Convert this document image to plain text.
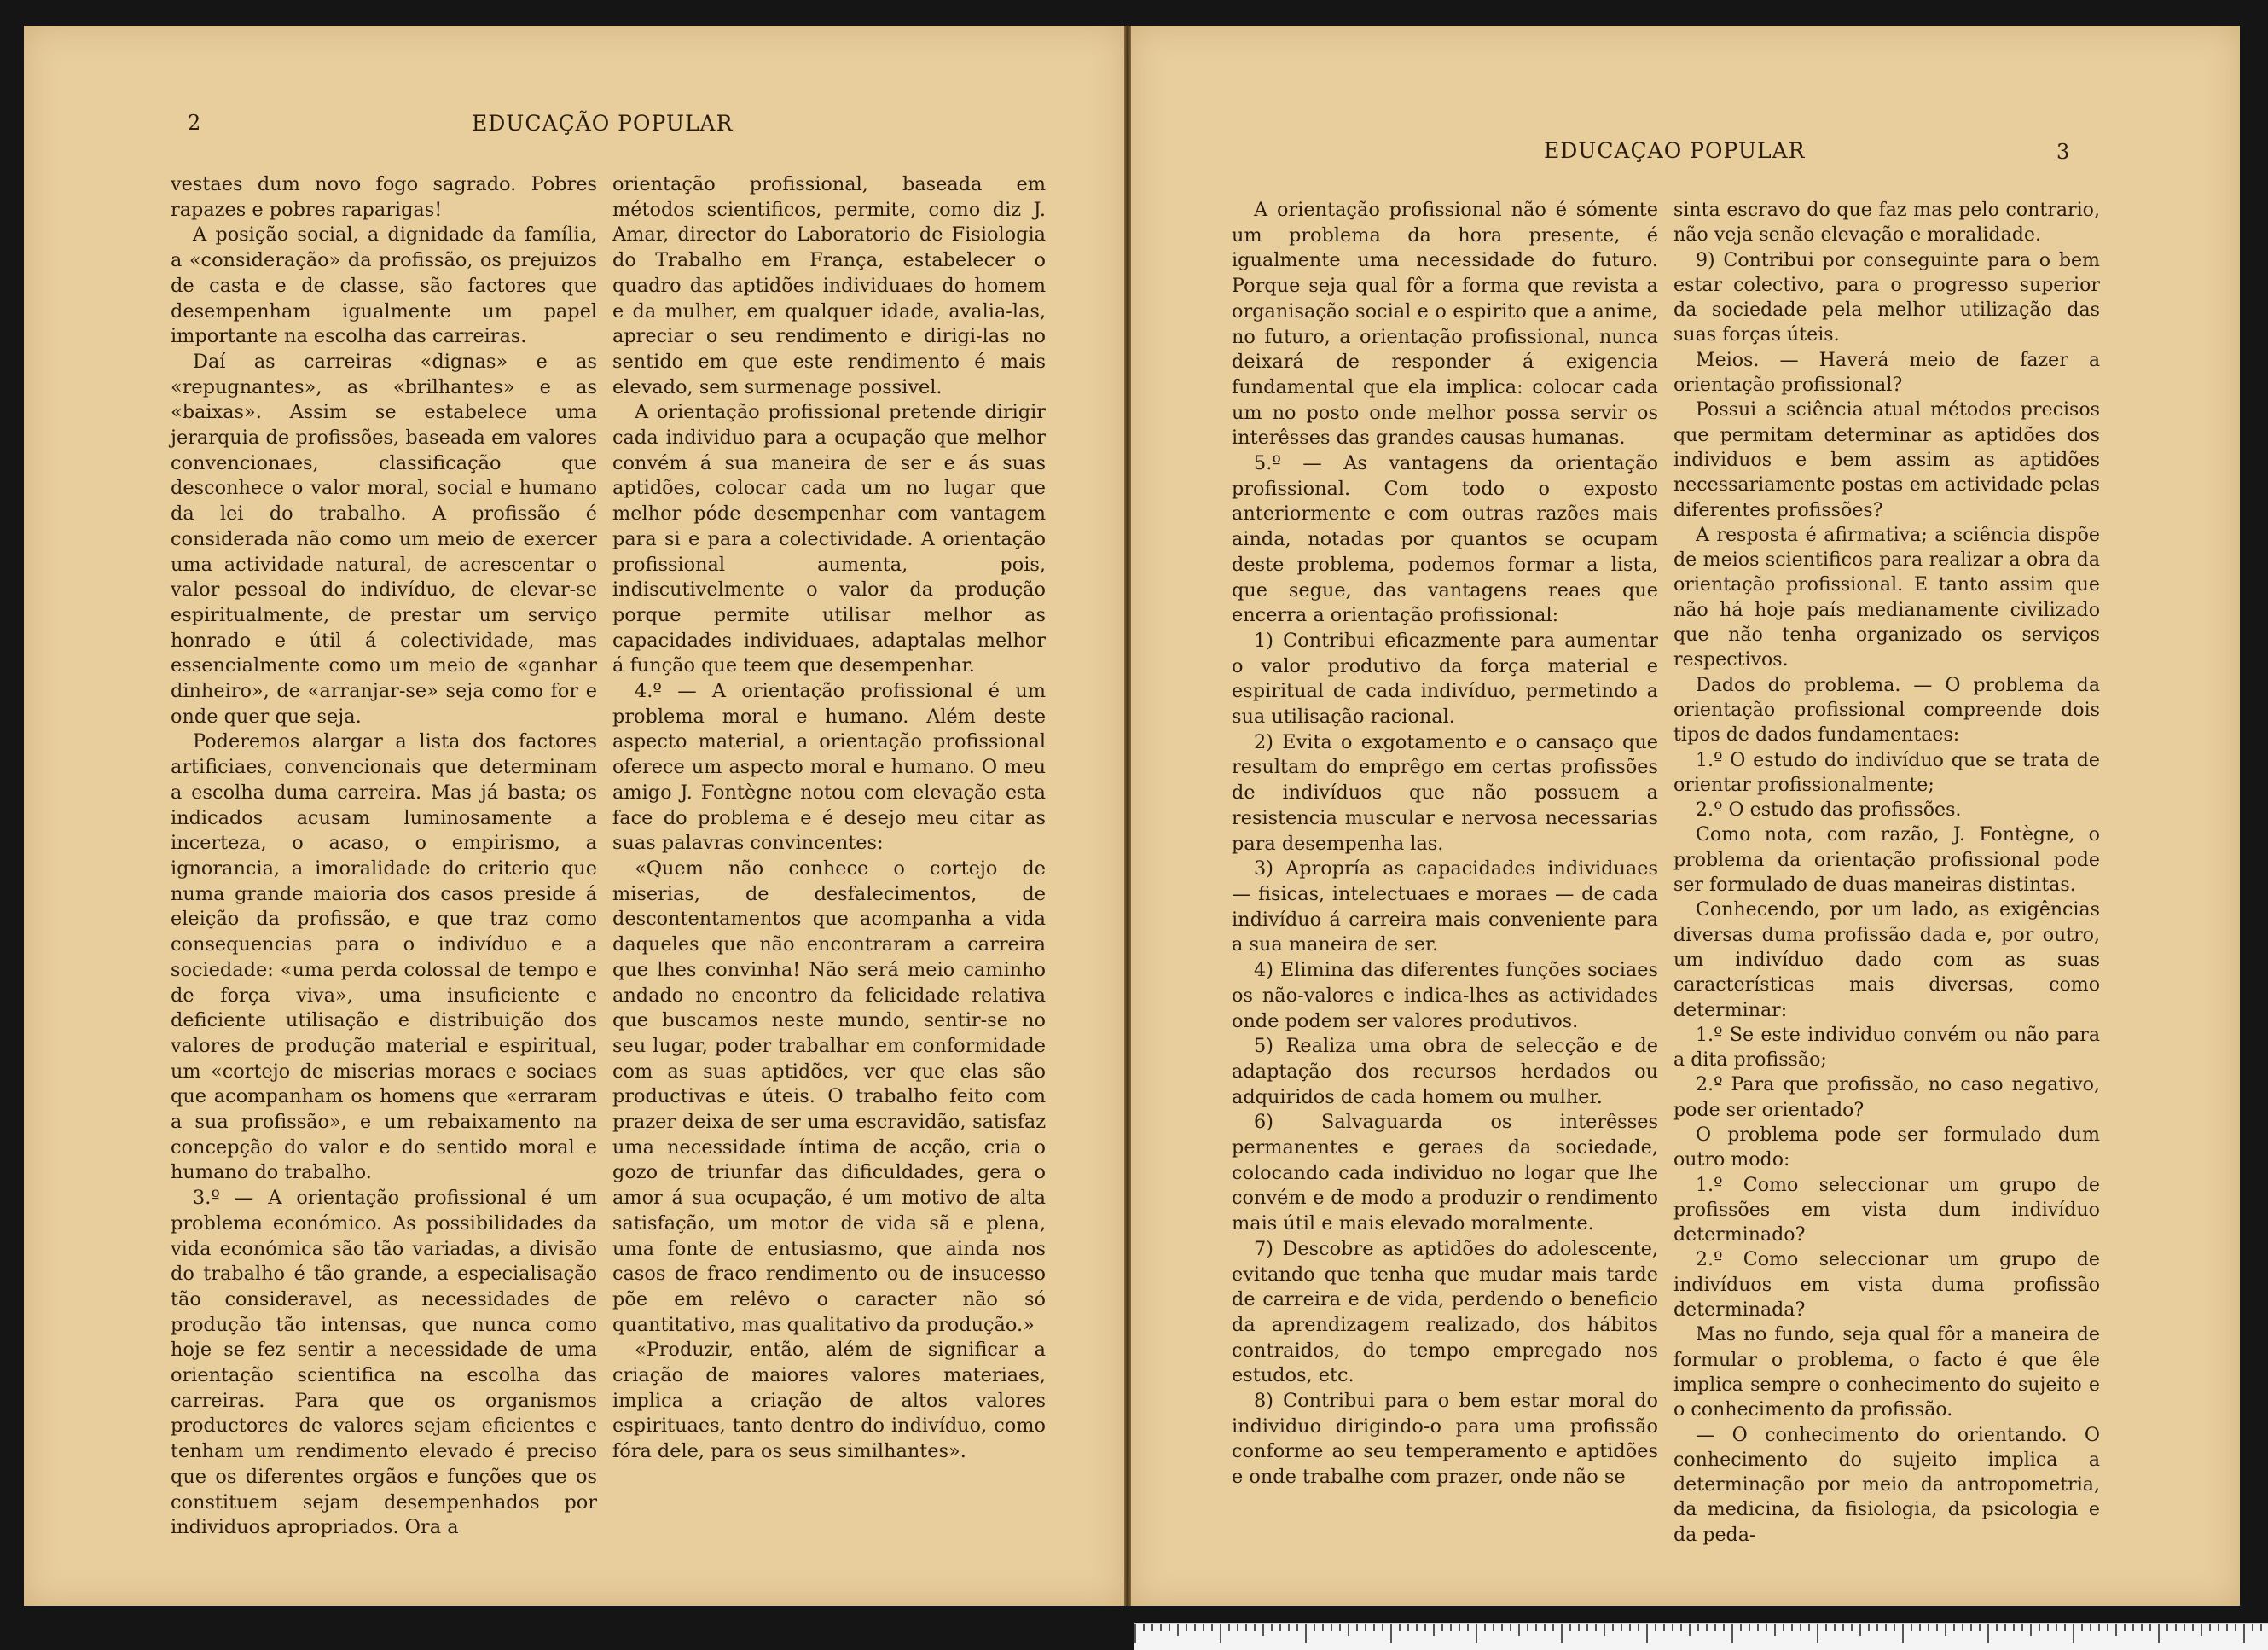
2	EDUCAÇÃO POPULAR

vestaes dum novo fogo sagrado. Pobres rapazes e pobres raparigas!

A posição social, a dignidade da família, a «consideração» da profissão, os prejuizos de casta e de classe, são factores que desempenham igualmente um papel importante na escolha das carreiras.

Daí as carreiras «dignas» e as «repugnantes», as «brilhantes» e as «baixas». Assim se estabelece uma jerarquia de profissões, baseada em valores convencionaes, classificação que desconhece o valor moral, social e humano da lei do trabalho. A profissão é considerada não como um meio de exercer uma actividade natural, de acrescentar o valor pessoal do indivíduo, de elevar-se espiritualmente, de prestar um serviço honrado e útil á colectividade, mas essencialmente como um meio de «ganhar dinheiro», de «arranjar-se» seja como for e onde quer que seja.

Poderemos alargar a lista dos factores artificiaes, convencionais que determinam a escolha duma carreira. Mas já basta; os indicados acusam luminosamente a incerteza, o acaso, o empirismo, a ignorancia, a imoralidade do criterio que numa grande maioria dos casos preside á eleição da profissão, e que traz como consequencias para o indivíduo e a sociedade: «uma perda colossal de tempo e de força viva», uma insuficiente e deficiente utilisação e distribuição dos valores de produção material e espiritual, um «cortejo de miserias moraes e sociaes que acompanham os homens que «erraram a sua profissão», e um rebaixamento na concepção do valor e do sentido moral e humano do trabalho.

3.º — A orientação profissional é um problema económico. As possibilidades da vida económica são tão variadas, a divisão do trabalho é tão grande, a especialisação tão consideravel, as necessidades de produção tão intensas, que nunca como hoje se fez sentir a necessidade de uma orientação scientifica na escolha das carreiras. Para que os organismos productores de valores sejam eficientes e tenham um rendimento elevado é preciso que os diferentes orgãos e funções que os constituem sejam desempenhados por individuos apropriados. Ora a

orientação profissional, baseada em métodos scientificos, permite, como diz J. Amar, director do Laboratorio de Fisiologia do Trabalho em França, estabelecer o quadro das aptidões individuaes do homem e da mulher, em qualquer idade, avalia-las, apreciar o seu rendimento e dirigi-las no sentido em que este rendimento é mais elevado, sem surmenage possivel.

A orientação profissional pretende dirigir cada individuo para a ocupação que melhor convém á sua maneira de ser e ás suas aptidões, colocar cada um no lugar que melhor póde desempenhar com vantagem para si e para a colectividade. A orientação profissional aumenta, pois, indiscutivelmente o valor da produção porque permite utilisar melhor as capacidades individuaes, adaptalas melhor á função que teem que desempenhar.

4.º — A orientação profissional é um problema moral e humano. Além deste aspecto material, a orientação profissional oferece um aspecto moral e humano. O meu amigo J. Fontègne notou com elevação esta face do problema e é desejo meu citar as suas palavras convincentes:

«Quem não conhece o cortejo de miserias, de desfalecimentos, de descontentamentos que acompanha a vida daqueles que não encontraram a carreira que lhes convinha! Não será meio caminho andado no encontro da felicidade relativa que buscamos neste mundo, sentir-se no seu lugar, poder trabalhar em conformidade com as suas aptidões, ver que elas são productivas e úteis. O trabalho feito com prazer deixa de ser uma escravidão, satisfaz uma necessidade íntima de acção, cria o gozo de triunfar das dificuldades, gera o amor á sua ocupação, é um motivo de alta satisfação, um motor de vida sã e plena, uma fonte de entusiasmo, que ainda nos casos de fraco rendimento ou de insucesso põe em relêvo o caracter não só quantitativo, mas qualitativo da produção.»

«Produzir, então, além de significar a criação de maiores valores materiaes, implica a criação de altos valores espirituaes, tanto dentro do indivíduo, como fóra dele, para os seus similhantes».

EDUCAÇAO POPULAR	3

A orientação profissional não é sómente um problema da hora presente, é igualmente uma necessidade do futuro. Porque seja qual fôr a forma que revista a organisação social e o espirito que a anime, no futuro, a orientação profissional, nunca deixará de responder á exigencia fundamental que ela implica: colocar cada um no posto onde melhor possa servir os interêsses das grandes causas humanas.

5.º — As vantagens da orientação profissional. Com todo o exposto anteriormente e com outras razões mais ainda, notadas por quantos se ocupam deste problema, podemos formar a lista, que segue, das vantagens reaes que encerra a orientação profissional:

1) Contribui eficazmente para aumentar o valor produtivo da força material e espiritual de cada indivíduo, permetindo a sua utilisação racional.

2) Evita o exgotamento e o cansaço que resultam do emprêgo em certas profissões de indivíduos que não possuem a resistencia muscular e nervosa necessarias para desempenha las.

3) Apropría as capacidades individuaes — fisicas, intelectuaes e moraes — de cada indivíduo á carreira mais conveniente para a sua maneira de ser.

4) Elimina das diferentes funções sociaes os não-valores e indica-lhes as actividades onde podem ser valores produtivos.

5) Realiza uma obra de selecção e de adaptação dos recursos herdados ou adquiridos de cada homem ou mulher.

6) Salvaguarda os interêsses permanentes e geraes da sociedade, colocando cada individuo no logar que lhe convém e de modo a produzir o rendimento mais útil e mais elevado moralmente.

7) Descobre as aptidões do adolescente, evitando que tenha que mudar mais tarde de carreira e de vida, perdendo o beneficio da aprendizagem realizado, dos hábitos contraidos, do tempo empregado nos estudos, etc.

8) Contribui para o bem estar moral do individuo dirigindo-o para uma profissão conforme ao seu temperamento e aptidões e onde trabalhe com prazer, onde não se

sinta escravo do que faz mas pelo contrario, não veja senão elevação e moralidade.

9) Contribui por conseguinte para o bem estar colectivo, para o progresso superior da sociedade pela melhor utilização das suas forças úteis.

Meios. — Haverá meio de fazer a orientação profissional?

Possui a sciência atual métodos precisos que permitam determinar as aptidões dos individuos e bem assim as aptidões necessariamente postas em actividade pelas diferentes profissões?

A resposta é afirmativa; a sciência dispõe de meios scientificos para realizar a obra da orientação profissional. E tanto assim que não há hoje país medianamente civilizado que não tenha organizado os serviços respectivos.

Dados do problema. — O problema da orientação profissional compreende dois tipos de dados fundamentaes:

1.º O estudo do indivíduo que se trata de orientar profissionalmente;

2.º O estudo das profissões.

Como nota, com razão, J. Fontègne, o problema da orientação profissional pode ser formulado de duas maneiras distintas.

Conhecendo, por um lado, as exigências diversas duma profissão dada e, por outro, um indivíduo dado com as suas características mais diversas, como determinar:

1.º Se este individuo convém ou não para a dita profissão;

2.º Para que profissão, no caso negativo, pode ser orientado?

O problema pode ser formulado dum outro modo:

1.º Como seleccionar um grupo de profissões em vista dum indivíduo determinado?

2.º Como seleccionar um grupo de indivíduos em vista duma profissão determinada?

Mas no fundo, seja qual fôr a maneira de formular o problema, o facto é que êle implica sempre o conhecimento do sujeito e o conhecimento da profissão.

— O conhecimento do orientando. O conhecimento do sujeito implica a determinação por meio da antropometria, da medicina, da fisiologia, da psicologia e da peda-
